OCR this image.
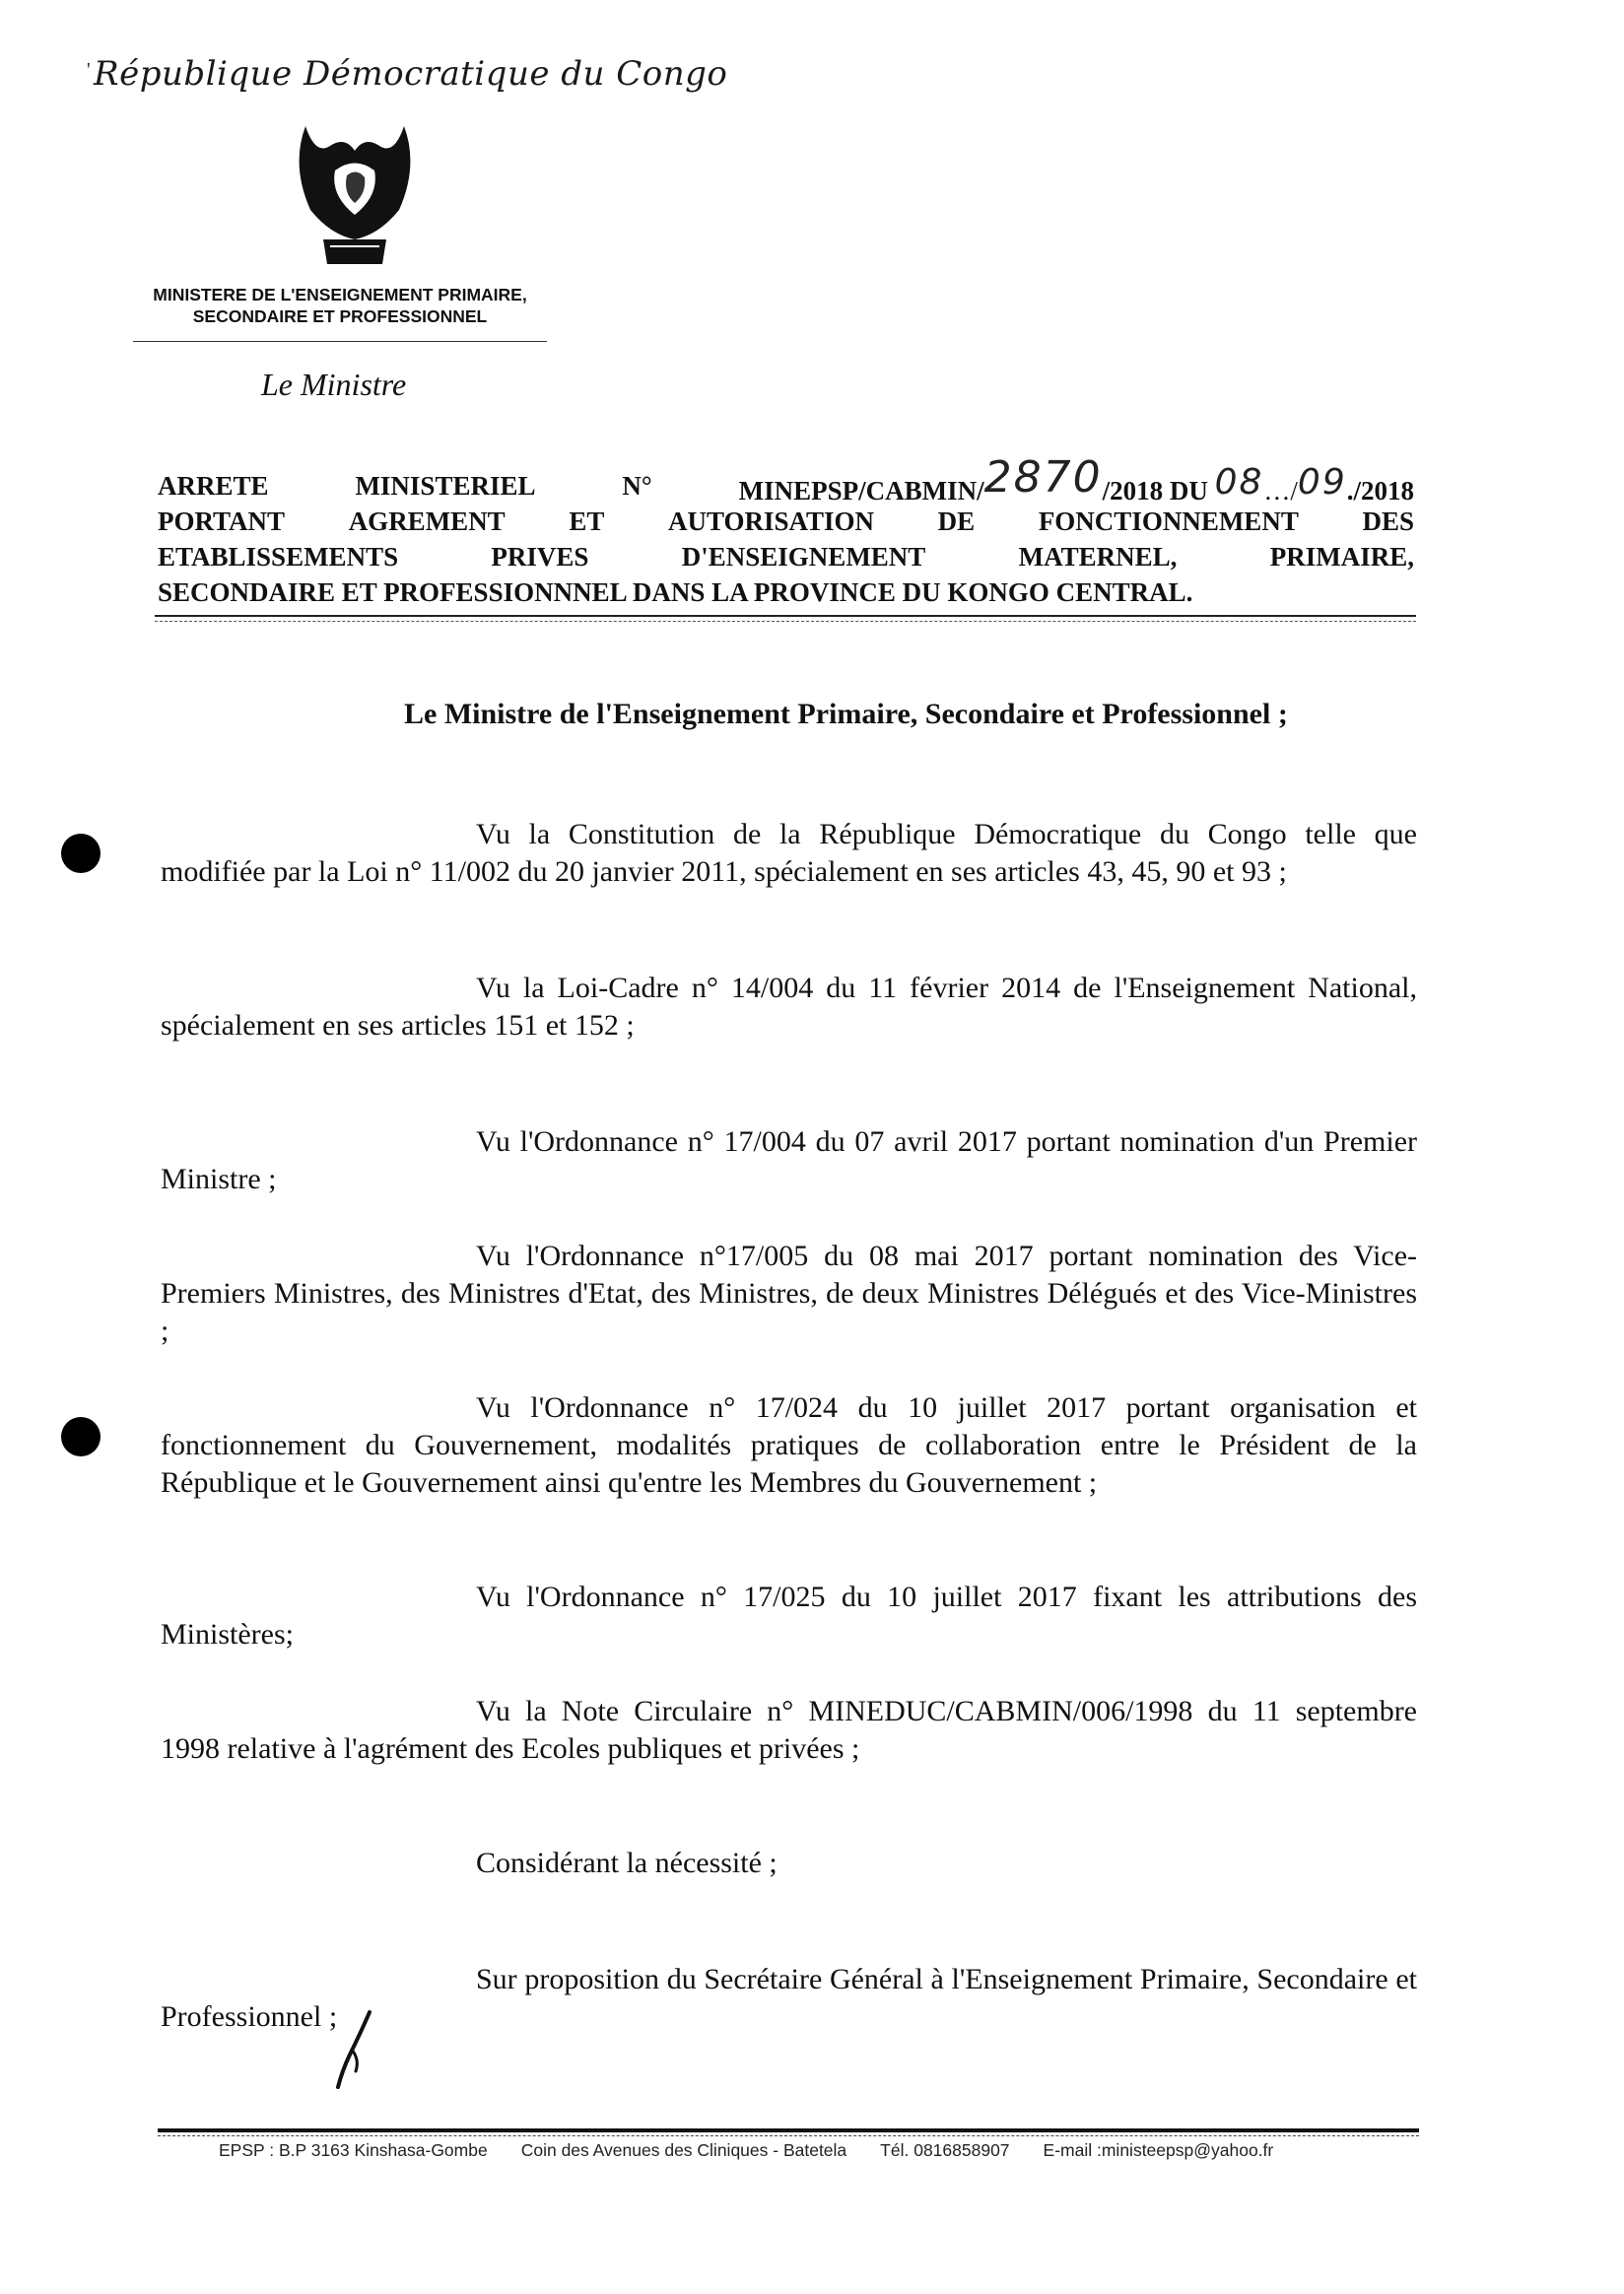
' République Démocratique du Congo
MINISTERE DE L'ENSEIGNEMENT PRIMAIRE,
SECONDAIRE ET PROFESSIONNEL
Le Ministre
ARRETE	MINISTERIEL	N°	MINEPSP/CABMIN/2870/2018 DU 08…/09./2018
PORTANT AGREMENT ET AUTORISATION DE FONCTIONNEMENT DES
ETABLISSEMENTS	PRIVES	D'ENSEIGNEMENT	MATERNEL,	PRIMAIRE,
SECONDAIRE ET PROFESSIONNNEL DANS LA PROVINCE DU KONGO CENTRAL.
Le Ministre de l'Enseignement Primaire, Secondaire et Professionnel ;
Vu la Constitution de la République Démocratique du Congo telle que modifiée par la Loi n° 11/002 du 20 janvier 2011, spécialement en ses articles 43, 45, 90 et 93 ;
Vu la Loi-Cadre n° 14/004 du 11 février 2014 de l'Enseignement National, spécialement en ses articles 151 et 152 ;
Vu l'Ordonnance n° 17/004 du 07 avril 2017 portant nomination d'un Premier Ministre ;
Vu l'Ordonnance n°17/005 du 08 mai 2017 portant nomination des Vice-Premiers Ministres, des Ministres d'Etat, des Ministres, de deux Ministres Délégués et des Vice-Ministres ;
Vu l'Ordonnance n° 17/024 du 10 juillet 2017 portant organisation et fonctionnement du Gouvernement, modalités pratiques de collaboration entre le Président de la République et le Gouvernement ainsi qu'entre les Membres du Gouvernement ;
Vu l'Ordonnance n° 17/025 du 10 juillet 2017 fixant les attributions des Ministères;
Vu la Note Circulaire n° MINEDUC/CABMIN/006/1998 du 11 septembre 1998 relative à l'agrément des Ecoles publiques et privées ;
Considérant la nécessité ;
Sur proposition du Secrétaire Général à l'Enseignement Primaire, Secondaire et Professionnel ;
EPSP : B.P 3163 Kinshasa-Gombe Coin des Avenues des Cliniques - Batetela Tél. 0816858907 E-mail :ministeepsp@yahoo.fr
